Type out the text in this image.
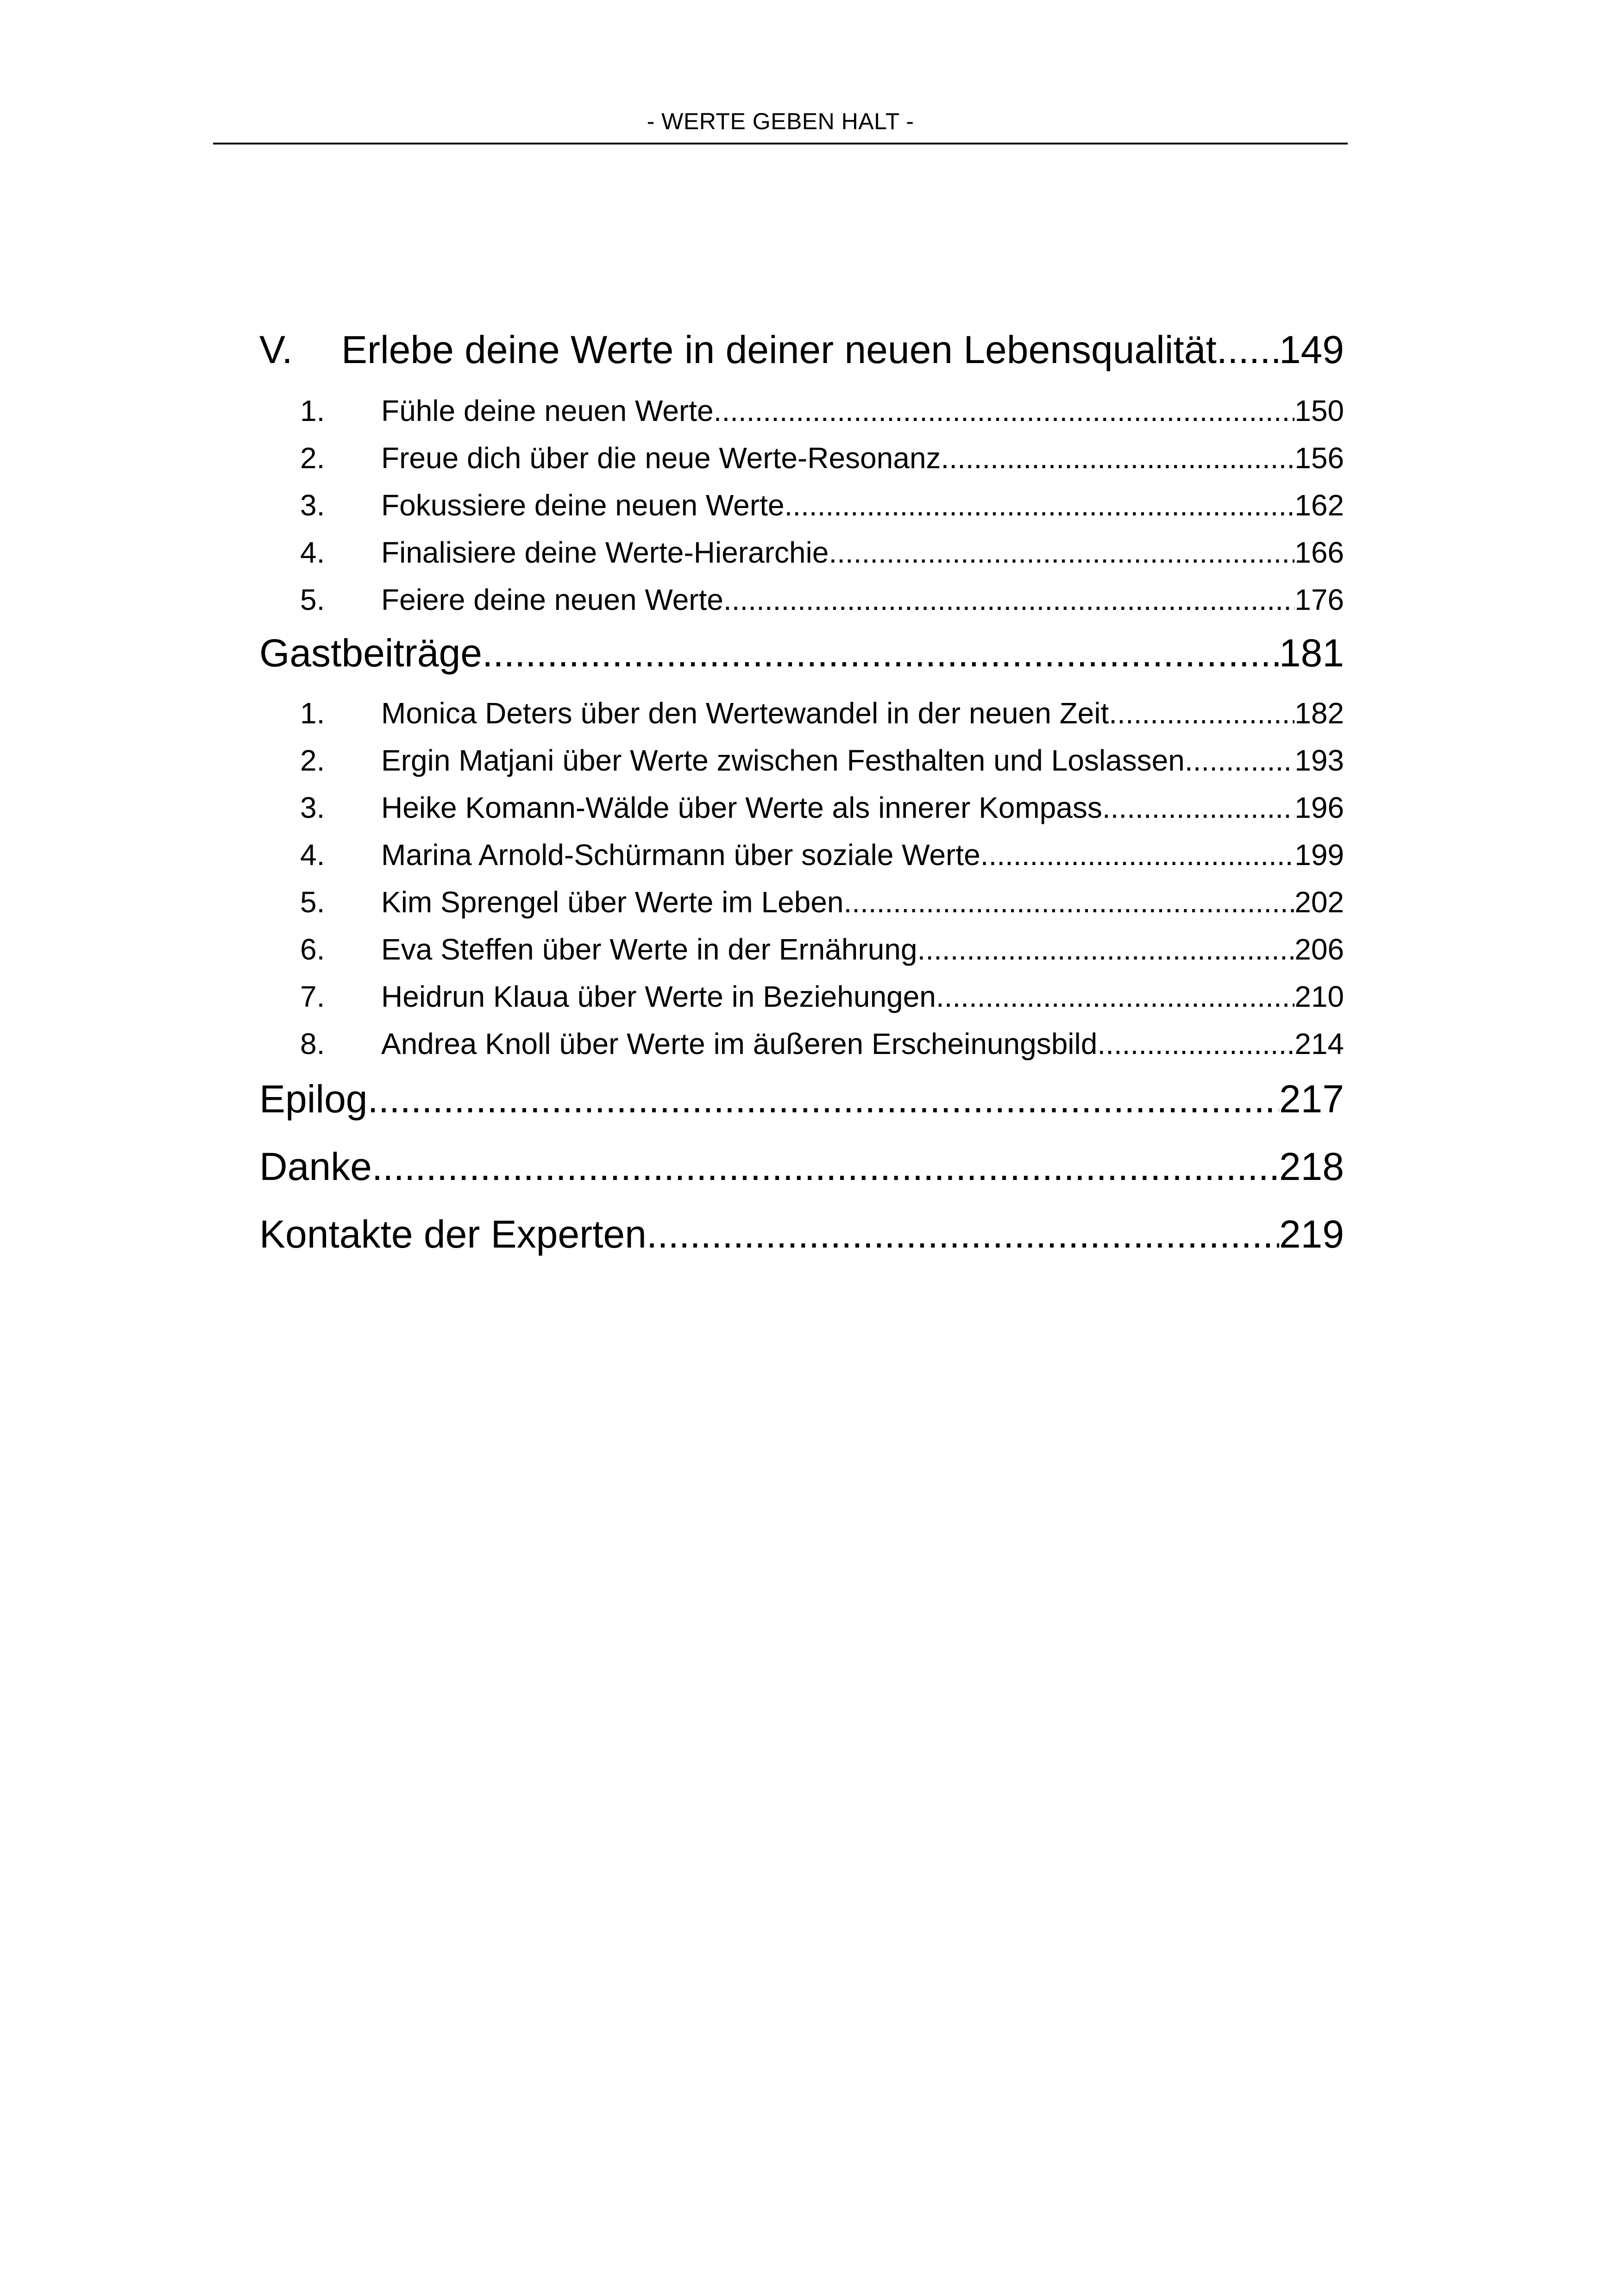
- WERTE GEBEN HALT -
V.	Erlebe deine Werte in deiner neuen Lebensqualität ..... 149
1.	Fühle deine neuen Werte .....	150
2.	Freue dich über die neue Werte-Resonanz .....	156
3.	Fokussiere deine neuen Werte .....	162
4.	Finalisiere deine Werte-Hierarchie .....	166
5.	Feiere deine neuen Werte .....	176
Gastbeiträge .....	181
1.	Monica Deters über den Wertewandel in der neuen Zeit .....	182
2.	Ergin Matjani über Werte zwischen Festhalten und Loslassen .....	193
3.	Heike Komann-Wälde über Werte als innerer Kompass .....	196
4.	Marina Arnold-Schürmann über soziale Werte .....	199
5.	Kim Sprengel über Werte im Leben .....	202
6.	Eva Steffen über Werte in der Ernährung .....	206
7.	Heidrun Klaua über Werte in Beziehungen .....	210
8.	Andrea Knoll über Werte im äußeren Erscheinungsbild .....	214
Epilog .....	217
Danke .....	218
Kontakte der Experten .....	219
